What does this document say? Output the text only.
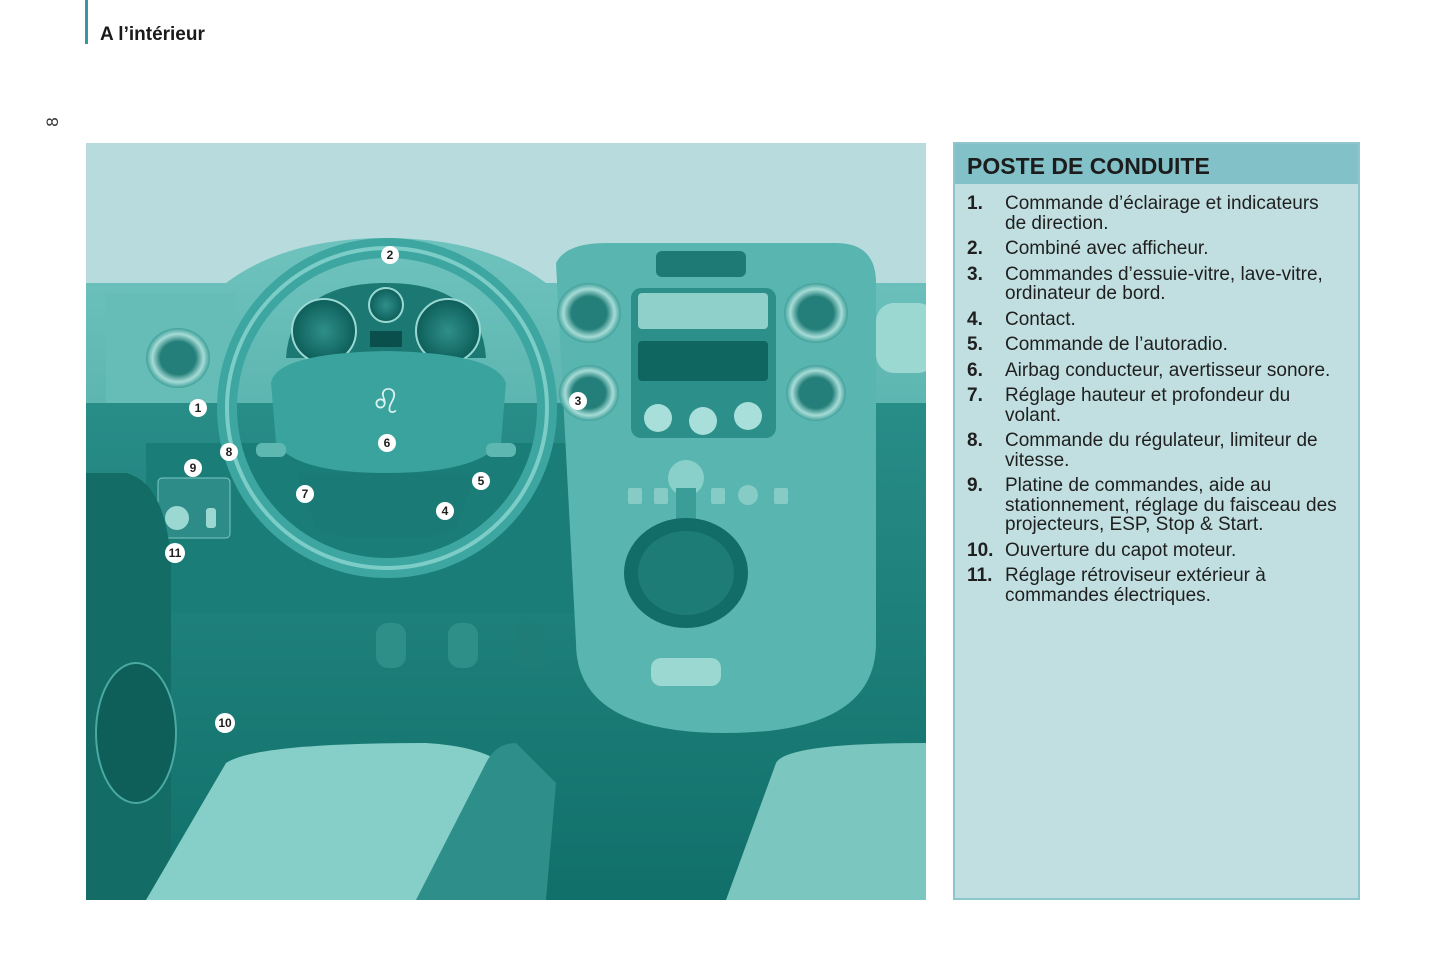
A l’intérieur
8
♌
1
2
3
4
5
6
7
8
9
10
11
POSTE DE CONDUITE
1.	Commande d’éclairage et indicateurs de direction.
2.	Combiné avec afficheur.
3.	Commandes d’essuie-vitre, lave-vitre, ordinateur de bord.
4.	Contact.
5.	Commande de l’autoradio.
6.	Airbag conducteur, avertisseur sonore.
7.	Réglage hauteur et profondeur du volant.
8.	Commande du régulateur, limiteur de vitesse.
9.	Platine de commandes, aide au stationnement, réglage du faisceau des projecteurs, ESP, Stop & Start.
10. Ouverture du capot moteur.
11. Réglage rétroviseur extérieur à commandes électriques.
